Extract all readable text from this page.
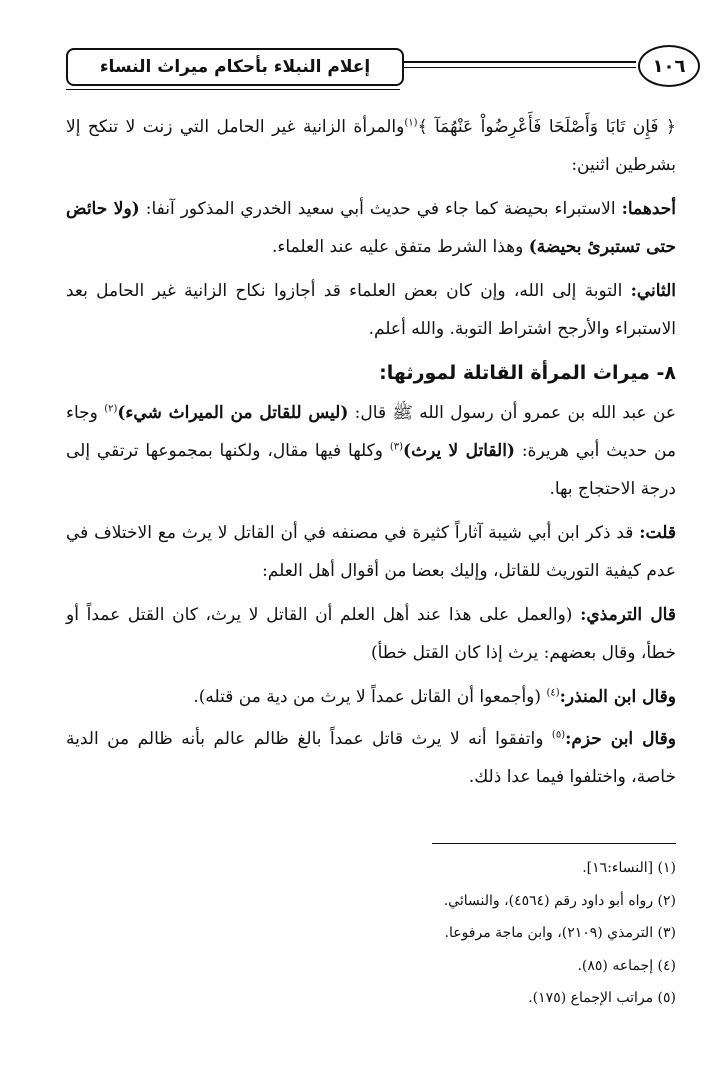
إعلام النبلاء بأحكام ميراث النساء	١٠٦

﴿ فَإِن تَابَا وَأَصْلَحَا فَأَعْرِضُواْ عَنْهُمَآ ﴾$^{(١)}$والمرأة الزانية غير الحامل التي زنت لا تنكح إلا بشرطين اثنين:

أحدهما: الاستبراء بحيضة كما جاء في حديث أبي سعيد الخدري المذكور آنفا: (ولا حائض حتى تستبرئ بحيضة) وهذا الشرط متفق عليه عند العلماء.

الثاني: التوبة إلى الله، وإن كان بعض العلماء قد أجازوا نكاح الزانية غير الحامل بعد الاستبراء والأرجح اشتراط التوبة. والله أعلم.

٨- ميراث المرأة القاتلة لمورثها:

عن عبد الله بن عمرو أن رسول الله ﷺ قال: (ليس للقاتل من الميراث شيء)$^{(٢)}$ وجاء من حديث أبي هريرة: (القاتل لا يرث)$^{(٣)}$ وكلها فيها مقال، ولكنها بمجموعها ترتقي إلى درجة الاحتجاج بها.

قلت: قد ذكر ابن أبي شيبة آثاراً كثيرة في مصنفه في أن القاتل لا يرث مع الاختلاف في عدم كيفية التوريث للقاتل، وإليك بعضا من أقوال أهل العلم:

قال الترمذي: (والعمل على هذا عند أهل العلم أن القاتل لا يرث، كان القتل عمداً أو خطأ، وقال بعضهم: يرث إذا كان القتل خطأ)

وقال ابن المنذر:$^{(٤)}$ (وأجمعوا أن القاتل عمداً لا يرث من دية من قتله).

وقال ابن حزم:$^{(٥)}$ واتفقوا أنه لا يرث قاتل عمداً بالغ ظالم عالم بأنه ظالم من الدية خاصة، واختلفوا فيما عدا ذلك.

(١) [النساء:١٦].
(٢) رواه أبو داود رقم (٤٥٦٤)، والنسائي.
(٣) الترمذي (٢١٠٩)، وابن ماجة مرفوعا.
(٤) إجماعه (٨٥).
(٥) مراتب الإجماع (١٧٥).
